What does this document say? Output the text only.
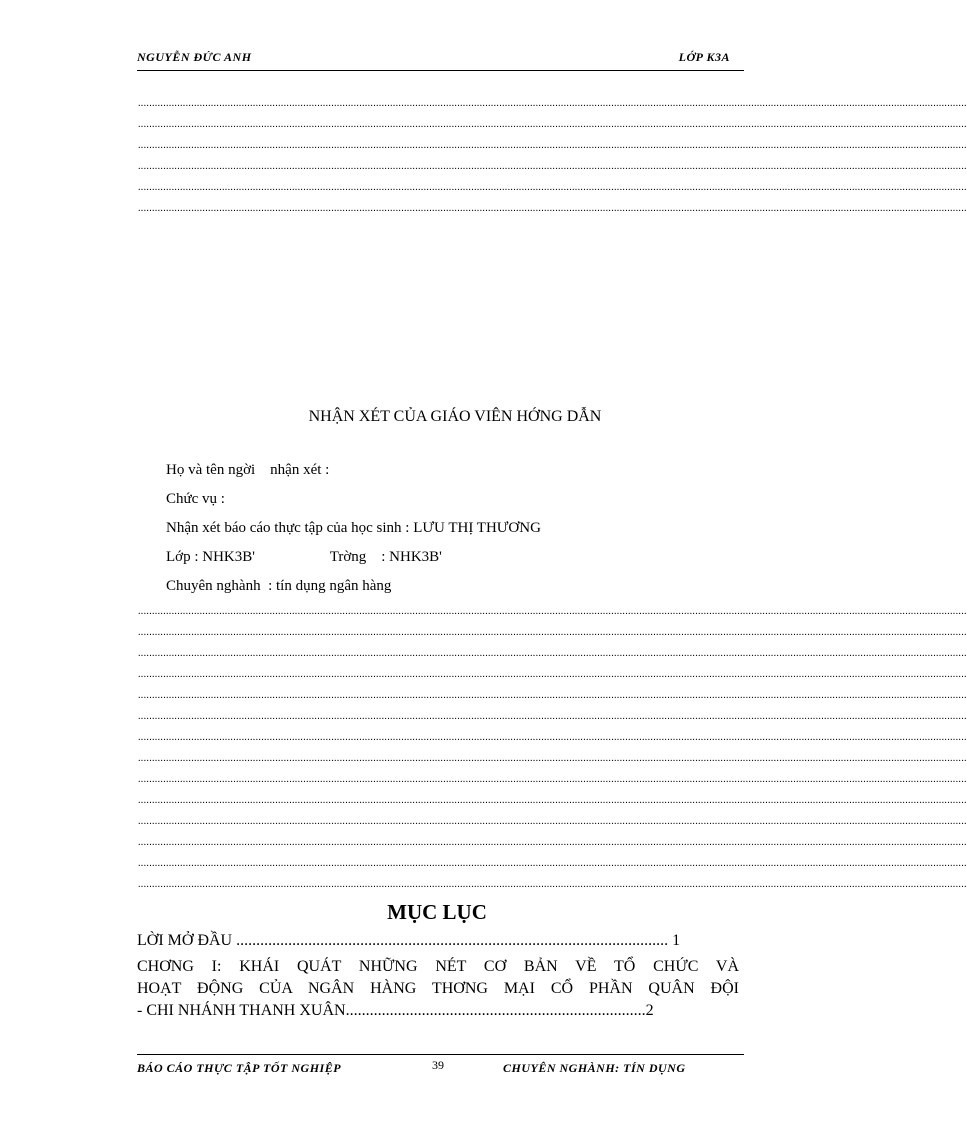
NGUYỄN ĐỨC ANH	LỚP K3A
........................................................................................................................................................................................................................................................................................................
........................................................................................................................................................................................................................................................................................................
........................................................................................................................................................................................................................................................................................................
........................................................................................................................................................................................................................................................................................................
........................................................................................................................................................................................................................................................................................................
........................................................................................................................................................................................................................................................................................................
NHẬN XÉT CỦA GIÁO VIÊN HỚNG DẪN
Họ và tên ngời    nhận xét :
Chức vụ :
Nhận xét báo cáo thực tập của học sinh : LƯU THỊ THƯƠNG
Lớp : NHK3B'                    Trờng    : NHK3B'
Chuyên nghành  : tín dụng ngân hàng
........................................................................................................................................................................................................................................................................................................
........................................................................................................................................................................................................................................................................................................
........................................................................................................................................................................................................................................................................................................
........................................................................................................................................................................................................................................................................................................
........................................................................................................................................................................................................................................................................................................
........................................................................................................................................................................................................................................................................................................
........................................................................................................................................................................................................................................................................................................
........................................................................................................................................................................................................................................................................................................
........................................................................................................................................................................................................................................................................................................
........................................................................................................................................................................................................................................................................................................
........................................................................................................................................................................................................................................................................................................
........................................................................................................................................................................................................................................................................................................
........................................................................................................................................................................................................................................................................................................
........................................................................................................................................................................................................................................................................................................
MỤC LỤC
LỜI MỞ ĐẦU ............................................................................................................ 1
CHƠNG I: KHÁI QUÁT NHỮNG NÉT CƠ BẢN VỀ TỔ CHỨC VÀ
HOẠT ĐỘNG CỦA NGÂN HÀNG THƠNG MẠI CỔ PHẦN QUÂN ĐỘI
- CHI NHÁNH THANH XUÂN...........................................................................2
BÁO CÁO THỰC TẬP TỐT NGHIỆP	39	CHUYÊN NGHÀNH: TÍN DỤNG
